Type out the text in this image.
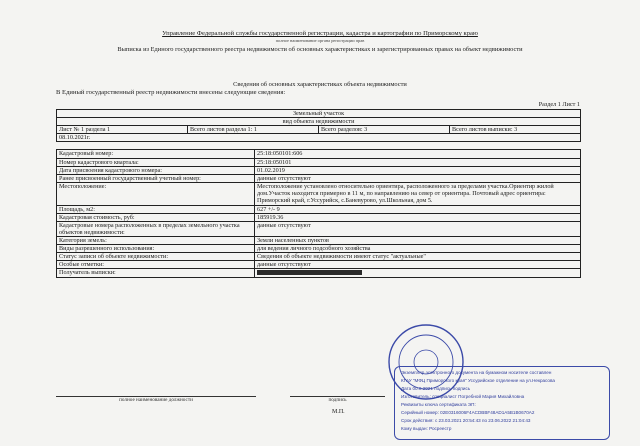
Управление Федеральной службы государственной регистрации, кадастра и картографии по Приморскому краю
полное наименование органа регистрации прав
Выписка из Единого государственного реестра недвижимости об основных характеристиках и зарегистрированных правах на объект недвижимости
Сведения об основных характеристиках объекта недвижимости
В Единый государственный реестр недвижимости внесены следующие сведения:
Раздел 1 Лист 1
Земельный участок
вид объекта недвижимости
Лист № 1 раздела 1	Всего листов раздела 1: 1	Всего разделов: 3	Всего листов выписки: 3
08.10.2021г.
Кадастровый номер:	25:18:050101:606
Номер кадастрового квартала:	25:18:050101
Дата присвоения кадастрового номера:	01.02.2019
Ранее присвоенный государственный учетный номер:	данные отсутствуют
Местоположение:	Местоположение установлено относительно ориентира, расположенного за пределами участка.Ориентир жилой дом.Участок находится примерно в 11 м, по направлению на север от ориентира. Почтовый адрес ориентира: Приморский край, г.Уссурийск, с.Баневурово, ул.Школьная, дом 5.
Площадь, м2:	627 +/- 9
Кадастровая стоимость, руб:	185919.36
Кадастровые номера расположенных в пределах земельного участка объектов недвижимости:	данные отсутствуют
Категория земель:	Земли населенных пунктов
Виды разрешенного использования:	для ведения личного подсобного хозяйства
Статус записи об объекте недвижимости:	Сведения об объекте недвижимости имеют статус "актуальные"
Особые отметки:	данные отсутствуют
Получатель выписки:	
полное наименование должности	подпись
М.П.
Экземпляр электронного документа на бумажном носителе составлен
КГАУ "МФЦ Приморского края" Уссурийское отделение на ул.Некрасова
Дата 00.0.2021 подпись подпись
Изготовитель: специалист Погребной Мария Михайловна
Реквизиты ключа сертификата ЭП:
Серийный номер: 02E0316006F4ACDBBF48AD1A5B1B0670A2
Срок действия: с 23.03.2021 20:54:43 по 23.06.2022 21:04:43
Кому выдан: Росреестр
